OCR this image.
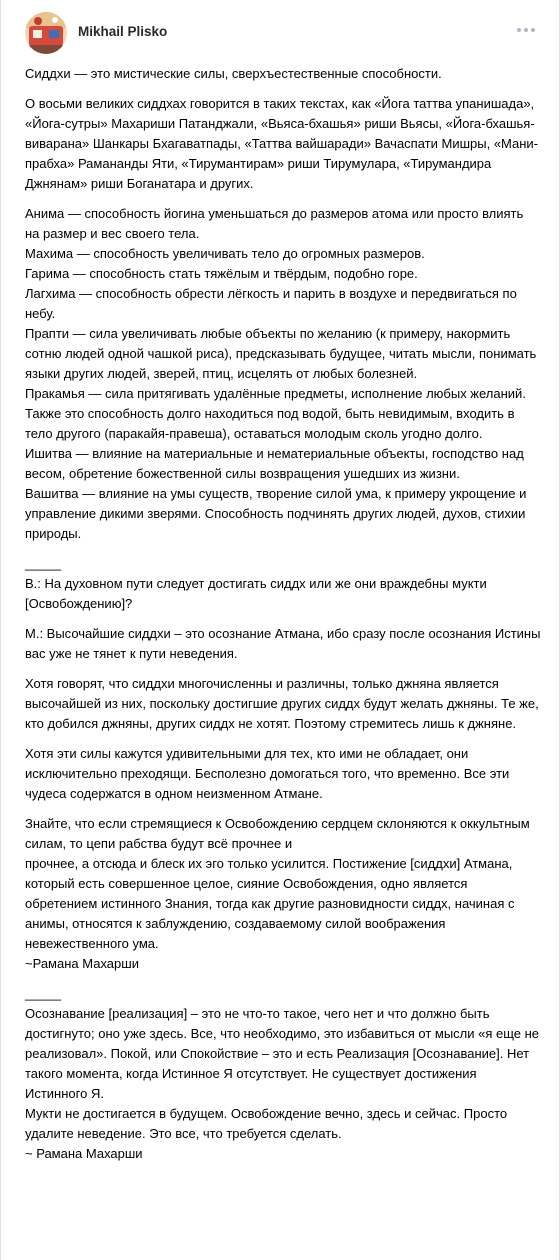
Mikhail Plisko

Сиддхи — это мистические силы, сверхъестественные способности.

О восьми великих сиддхах говорится в таких текстах, как «Йога таттва упанишада», «Йога-сутры» Махариши Патанджали, «Вьяса-бхашья» риши Вьясы, «Йога-бхашья-виварана» Шанкары Бхагаватпады, «Таттва вайшаради» Вачаспати Мишры, «Мани-прабха» Рамананды Яти, «Тирумантирам» риши Тирумулара, «Тирумандира Джнянам» риши Боганатара и других.

Анима — способность йогина уменьшаться до размеров атома или просто влиять на размер и вес своего тела.
Махима — способность увеличивать тело до огромных размеров.
Гарима — способность стать тяжёлым и твёрдым, подобно горе.
Лагхима — способность обрести лёгкость и парить в воздухе и передвигаться по небу.
Прапти — сила увеличивать любые объекты по желанию (к примеру, накормить сотню людей одной чашкой риса), предсказывать будущее, читать мысли, понимать языки других людей, зверей, птиц, исцелять от любых болезней.
Пракамья — сила притягивать удалённые предметы, исполнение любых желаний. Также это способность долго находиться под водой, быть невидимым, входить в тело другого (паракайя-правеша), оставаться молодым сколь угодно долго.
Ишитва — влияние на материальные и нематериальные объекты, господство над весом, обретение божественной силы возвращения ушедших из жизни.
Вашитва — влияние на умы существ, творение силой ума, к примеру укрощение и управление дикими зверями. Способность подчинять других людей, духов, стихии природы.

_____

В.: На духовном пути следует достигать сиддх или же они враждебны мукти [Освобождению]?

М.: Высочайшие сиддхи – это осознание Атмана, ибо сразу после осознания Истины вас уже не тянет к пути неведения.

Хотя говорят, что сиддхи многочисленны и различны, только джняна является высочайшей из них, поскольку достигшие других сиддх будут желать джняны. Те же, кто добился джняны, других сиддх не хотят. Поэтому стремитесь лишь к джняне.

Хотя эти силы кажутся удивительными для тех, кто ими не обладает, они исключительно преходящи. Бесполезно домогаться того, что временно. Все эти
чудеса содержатся в одном неизменном Атмане.

Знайте, что если стремящиеся к Освобождению сердцем склоняются к оккультным силам, то цепи рабства будут всё прочнее и
прочнее, а отсюда и блеск их эго только усилится. Постижение [сиддхи] Атмана, который есть совершенное целое, сияние Освобождения, одно является обретением истинного Знания, тогда как другие разновидности сиддх, начиная с анимы, относятся к заблуждению, создаваемому силой воображения невежественного ума.
~Рамана Махарши

_____

Осознавание [реализация] – это не что-то такое, чего нет и что должно быть достигнуто; оно уже здесь. Все, что необходимо, это избавиться от мысли «я еще не реализовал». Покой, или Спокойствие – это и есть Реализация [Осознавание]. Нет такого момента, когда Истинное Я отсутствует. Не существует достижения Истинного Я.
Мукти не достигается в будущем. Освобождение вечно, здесь и сейчас. Просто удалите неведение. Это все, что требуется сделать.
~ Рамана Махарши
